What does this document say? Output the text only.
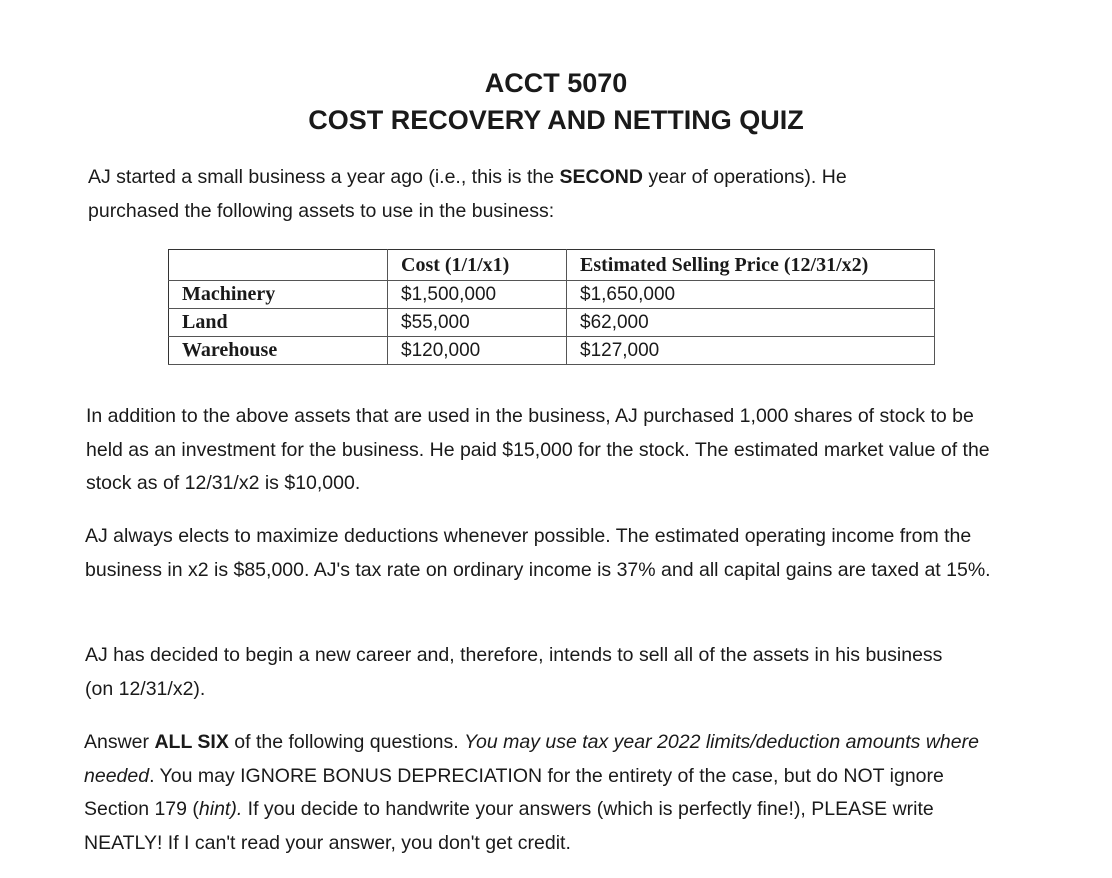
ACCT 5070
COST RECOVERY AND NETTING QUIZ
AJ started a small business a year ago (i.e., this is the SECOND year of operations). He purchased the following assets to use in the business:
	Cost (1/1/x1)	Estimated Selling Price (12/31/x2)
Machinery	$1,500,000	$1,650,000
Land	$55,000	$62,000
Warehouse	$120,000	$127,000
In addition to the above assets that are used in the business, AJ purchased 1,000 shares of stock to be held as an investment for the business. He paid $15,000 for the stock. The estimated market value of the stock as of 12/31/x2 is $10,000.
AJ always elects to maximize deductions whenever possible. The estimated operating income from the business in x2 is $85,000. AJ's tax rate on ordinary income is 37% and all capital gains are taxed at 15%.
AJ has decided to begin a new career and, therefore, intends to sell all of the assets in his business (on 12/31/x2).
Answer ALL SIX of the following questions. You may use tax year 2022 limits/deduction amounts where needed. You may IGNORE BONUS DEPRECIATION for the entirety of the case, but do NOT ignore Section 179 (hint). If you decide to handwrite your answers (which is perfectly fine!), PLEASE write NEATLY! If I can't read your answer, you don't get credit.
